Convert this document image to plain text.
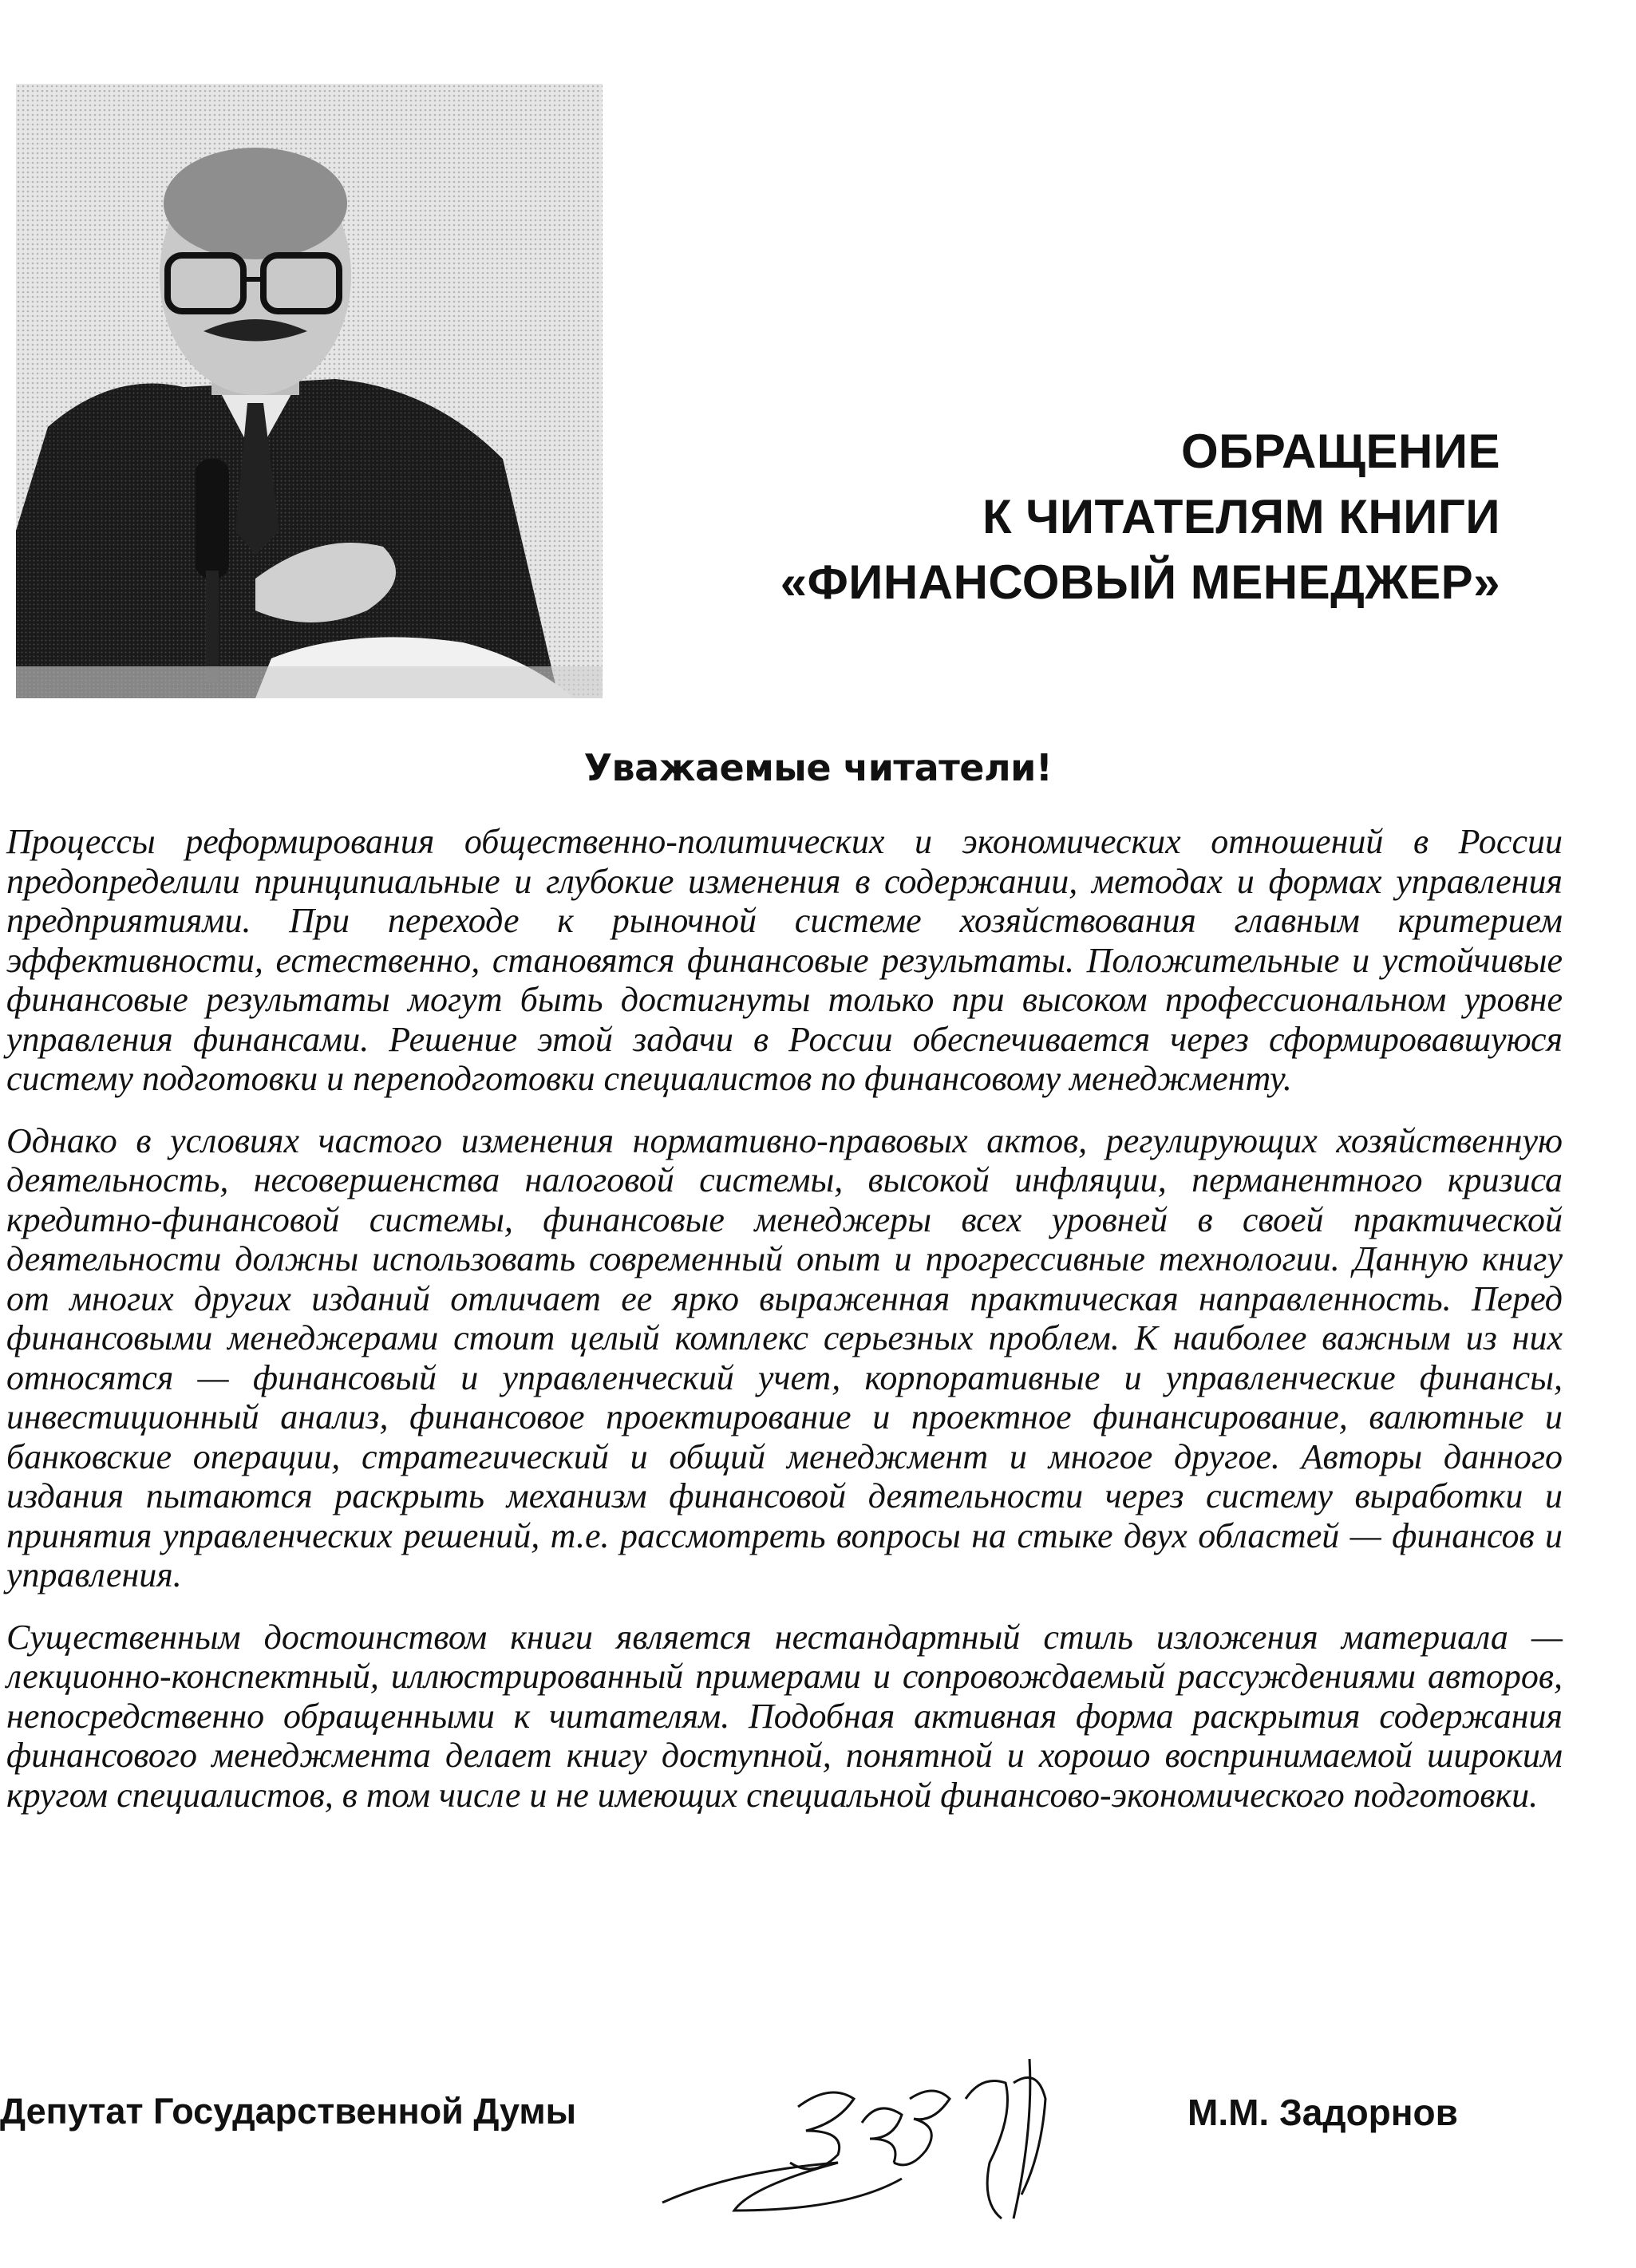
ОБРАЩЕНИЕ
К ЧИТАТЕЛЯМ КНИГИ
«ФИНАНСОВЫЙ МЕНЕДЖЕР»
Уважаемые читатели!

Процессы реформирования общественно-политических и экономических отношений в России предопределили принципиальные и глубокие изменения в содержании, методах и формах управления предприятиями. При переходе к рыночной системе хозяйствования главным критерием эффективности, естественно, становятся финансовые результаты. Положительные и устойчивые финансовые результаты могут быть достигнуты только при высоком профессиональном уровне управления финансами. Решение этой задачи в России обеспечивается через сформировавшуюся систему подготовки и переподготовки специалистов по финансовому менеджменту.

Однако в условиях частого изменения нормативно-правовых актов, регулирующих хозяйственную деятельность, несовершенства налоговой системы, высокой инфляции, перманентного кризиса кредитно-финансовой системы, финансовые менеджеры всех уровней в своей практической деятельности должны использовать современный опыт и прогрессивные технологии. Данную книгу от многих других изданий отличает ее ярко выраженная практическая направленность. Перед финансовыми менеджерами стоит целый комплекс серьезных проблем. К наиболее важным из них относятся — финансовый и управленческий учет, корпоративные и управленческие финансы, инвестиционный анализ, финансовое проектирование и проектное финансирование, валютные и банковские операции, стратегический и общий менеджмент и многое другое. Авторы данного издания пытаются раскрыть механизм финансовой деятельности через систему выработки и принятия управленческих решений, т.е. рассмотреть вопросы на стыке двух областей — финансов и управления.

Существенным достоинством книги является нестандартный стиль изложения материала — лекционно-конспектный, иллюстрированный примерами и сопровождаемый рассуждениями авторов, непосредственно обращенными к читателям. Подобная активная форма раскрытия содержания финансового менеджмента делает книгу доступной, понятной и хорошо воспринимаемой широким кругом специалистов, в том числе и не имеющих специальной финансово-экономического подготовки.

Депутат Государственной Думы	М.М. Задорнов
